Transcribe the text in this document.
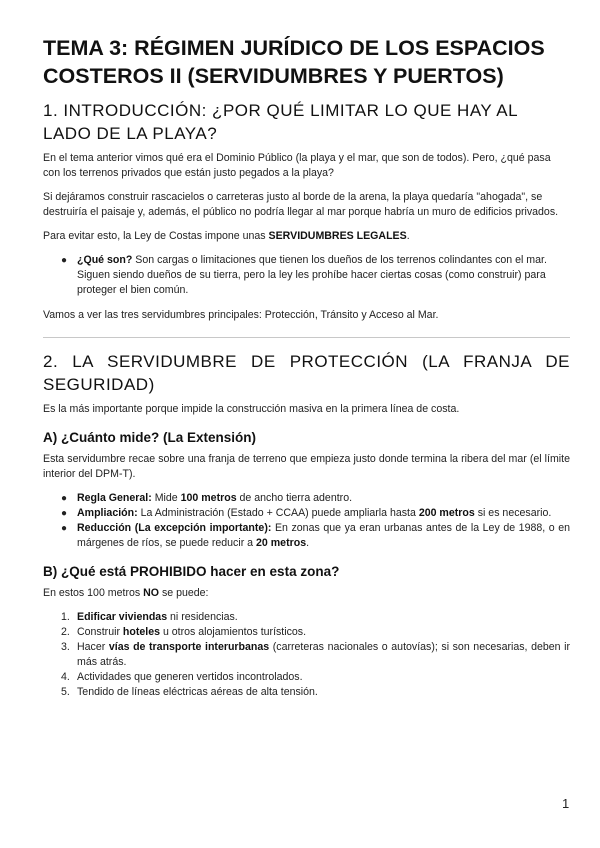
TEMA 3: RÉGIMEN JURÍDICO DE LOS ESPACIOS COSTEROS II (SERVIDUMBRES Y PUERTOS)
1. INTRODUCCIÓN: ¿POR QUÉ LIMITAR LO QUE HAY AL LADO DE LA PLAYA?

En el tema anterior vimos qué era el Dominio Público (la playa y el mar, que son de todos). Pero, ¿qué pasa con los terrenos privados que están justo pegados a la playa?

Si dejáramos construir rascacielos o carreteras justo al borde de la arena, la playa quedaría "ahogada", se destruiría el paisaje y, además, el público no podría llegar al mar porque habría un muro de edificios privados.

Para evitar esto, la Ley de Costas impone unas SERVIDUMBRES LEGALES.

● ¿Qué son? Son cargas o limitaciones que tienen los dueños de los terrenos colindantes con el mar. Siguen siendo dueños de su tierra, pero la ley les prohíbe hacer ciertas cosas (como construir) para proteger el bien común.

Vamos a ver las tres servidumbres principales: Protección, Tránsito y Acceso al Mar.

2. LA SERVIDUMBRE DE PROTECCIÓN (LA FRANJA DE SEGURIDAD)

Es la más importante porque impide la construcción masiva en la primera línea de costa.

A) ¿Cuánto mide? (La Extensión)

Esta servidumbre recae sobre una franja de terreno que empieza justo donde termina la ribera del mar (el límite interior del DPM-T).

● Regla General: Mide 100 metros de ancho tierra adentro.
● Ampliación: La Administración (Estado + CCAA) puede ampliarla hasta 200 metros si es necesario.
● Reducción (La excepción importante): En zonas que ya eran urbanas antes de la Ley de 1988, o en márgenes de ríos, se puede reducir a 20 metros.
B) ¿Qué está PROHIBIDO hacer en esta zona?

En estos 100 metros NO se puede:

1. Edificar viviendas ni residencias.
2. Construir hoteles u otros alojamientos turísticos.
3. Hacer vías de transporte interurbanas (carreteras nacionales o autovías); si son necesarias, deben ir más atrás.
4. Actividades que generen vertidos incontrolados.
5. Tendido de líneas eléctricas aéreas de alta tensión.
1
